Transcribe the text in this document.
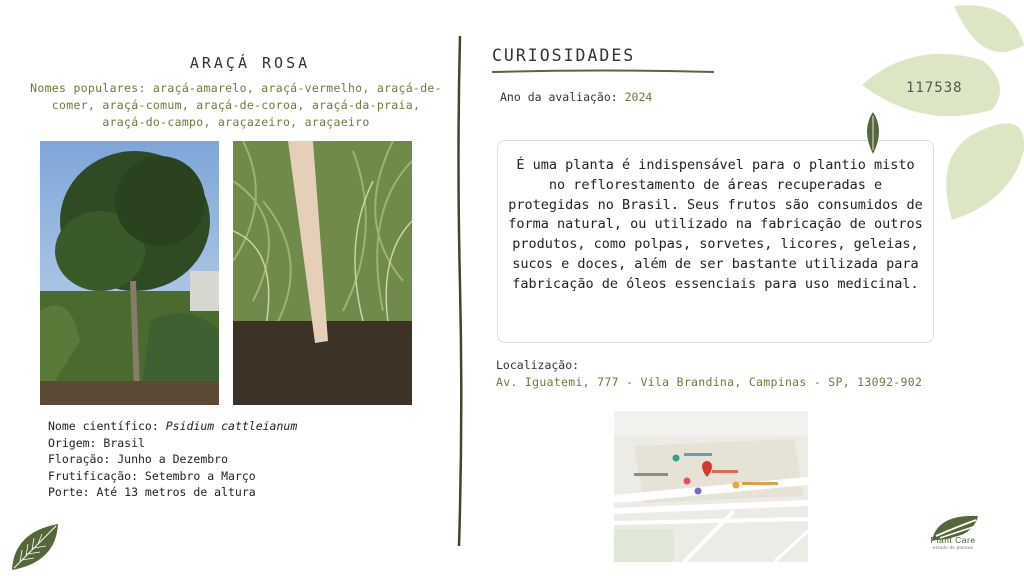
ARAÇÁ ROSA
Nomes populares: araçá-amarelo, araçá-vermelho, araçá-de-comer, araçá-comum, araçá-de-coroa, araçá-da-praia, araçá-do-campo, araçazeiro, araçaeiro
Nome científico: Psidium cattleianum
Origem: Brasil
Floração: Junho a Dezembro
Frutificação: Setembro a Março
Porte: Até 13 metros de altura
CURIOSIDADES
Ano da avaliação: 2024
É uma planta é indispensável para o plantio misto no reflorestamento de áreas recuperadas e protegidas no Brasil. Seus frutos são consumidos de forma natural, ou utilizado na fabricação de outros produtos, como polpas, sorvetes, licores, geleias, sucos e doces, além de ser bastante utilizada para fabricação de óleos essenciais para uso medicinal.
Localização:
Av. Iguatemi, 777 - Vila Brandina, Campinas - SP, 13092-902
117538
Plant Care
estudo de plantas
